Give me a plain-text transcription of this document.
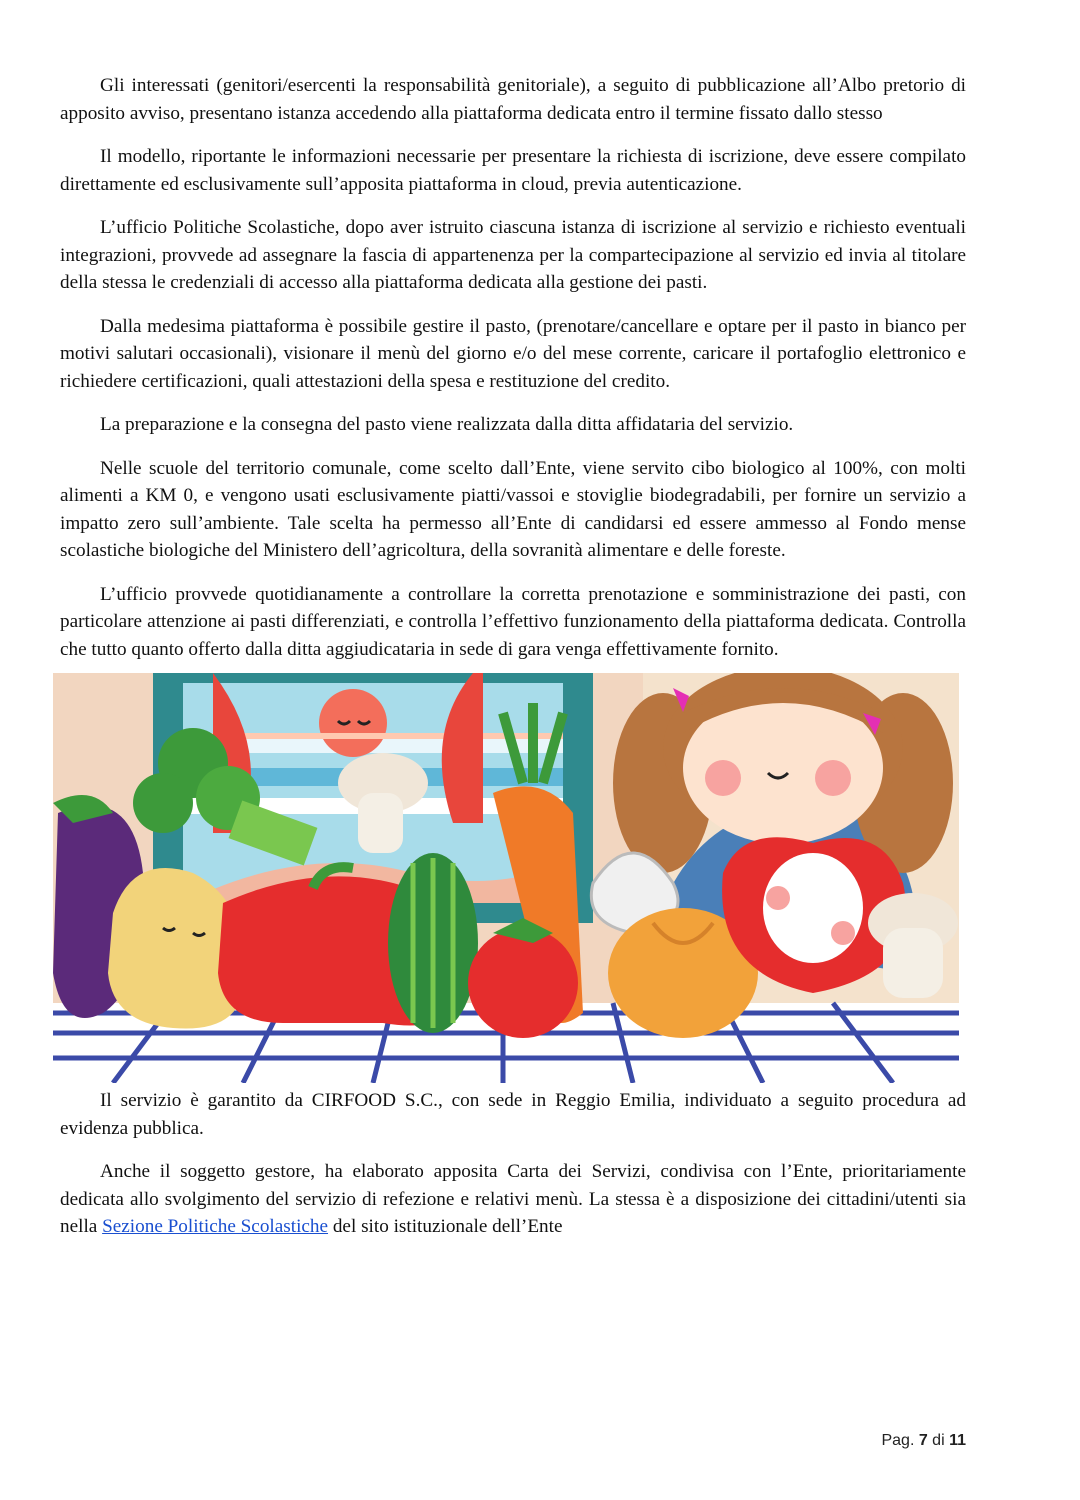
Gli interessati (genitori/esercenti la responsabilità genitoriale), a seguito di pubblicazione all’Albo pretorio di apposito avviso, presentano istanza accedendo alla piattaforma dedicata entro il termine fissato dallo stesso

Il modello, riportante le informazioni necessarie per presentare la richiesta di iscrizione, deve essere compilato direttamente ed esclusivamente sull’apposita piattaforma in cloud, previa autenticazione.

L’ufficio Politiche Scolastiche, dopo aver istruito ciascuna istanza di iscrizione al servizio e richiesto eventuali integrazioni, provvede ad assegnare la fascia di appartenenza per la compartecipazione al servizio ed invia al titolare della stessa le credenziali di accesso alla piattaforma dedicata alla gestione dei pasti.

Dalla medesima piattaforma è possibile gestire il pasto, (prenotare/cancellare e optare per il pasto in bianco per motivi salutari occasionali), visionare il menù del giorno e/o del mese corrente, caricare il portafoglio elettronico e richiedere certificazioni, quali attestazioni della spesa e restituzione del credito.

La preparazione e la consegna del pasto viene realizzata dalla ditta affidataria del servizio.

Nelle scuole del territorio comunale, come scelto dall’Ente, viene servito cibo biologico al 100%, con molti alimenti a KM 0, e vengono usati esclusivamente piatti/vassoi e stoviglie biodegradabili, per fornire un servizio a impatto zero sull’ambiente. Tale scelta ha permesso all’Ente di candidarsi ed essere ammesso al Fondo mense scolastiche biologiche del Ministero dell’agricoltura, della sovranità alimentare e delle foreste.

L’ufficio provvede quotidianamente a controllare la corretta prenotazione e somministrazione dei pasti, con particolare attenzione ai pasti differenziati, e controlla l’effettivo funzionamento della piattaforma dedicata. Controlla che tutto quanto offerto dalla ditta aggiudicataria in sede di gara venga effettivamente fornito.

Il servizio è garantito da CIRFOOD S.C., con sede in Reggio Emilia, individuato a seguito procedura ad evidenza pubblica.

Anche il soggetto gestore, ha elaborato apposita Carta dei Servizi, condivisa con l’Ente, prioritariamente dedicata allo svolgimento del servizio di refezione e relativi menù. La stessa è a disposizione dei cittadini/utenti sia nella Sezione Politiche Scolastiche del sito istituzionale dell’Ente

Pag. 7 di 11
